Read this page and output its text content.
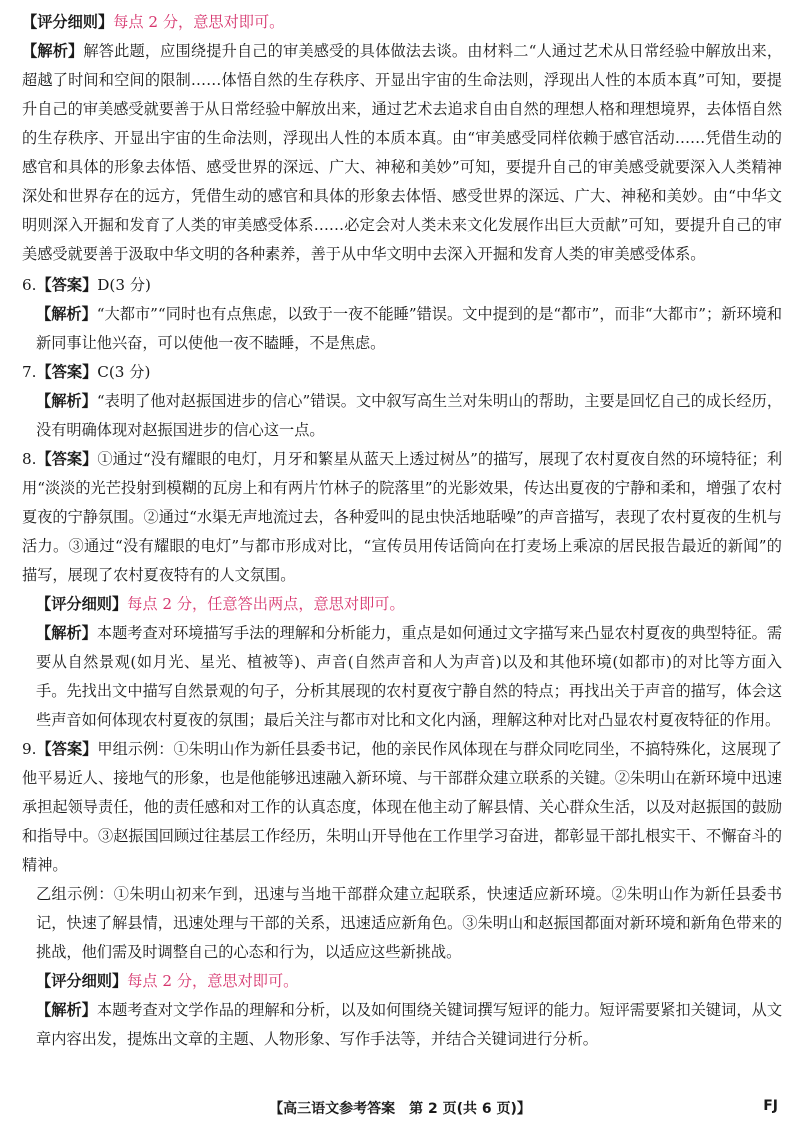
【评分细则】每点 2 分，意思对即可。

【解析】解答此题，应围绕提升自己的审美感受的具体做法去谈。由材料二“人通过艺术从日常经验中解放出来，超越了时间和空间的限制……体悟自然的生存秩序、开显出宇宙的生命法则，浮现出人性的本质本真”可知，要提升自己的审美感受就要善于从日常经验中解放出来，通过艺术去追求自由自然的理想人格和理想境界，去体悟自然的生存秩序、开显出宇宙的生命法则，浮现出人性的本质本真。由“审美感受同样依赖于感官活动……凭借生动的感官和具体的形象去体悟、感受世界的深远、广大、神秘和美妙”可知，要提升自己的审美感受就要深入人类精神深处和世界存在的远方，凭借生动的感官和具体的形象去体悟、感受世界的深远、广大、神秘和美妙。由“中华文明则深入开掘和发育了人类的审美感受体系……必定会对人类未来文化发展作出巨大贡献”可知，要提升自己的审美感受就要善于汲取中华文明的各种素养，善于从中华文明中去深入开掘和发育人类的审美感受体系。

6.【答案】D(3 分)

【解析】“大都市”“同时也有点焦虑，以致于一夜不能睡”错误。文中提到的是“都市”，而非“大都市”；新环境和新同事让他兴奋，可以使他一夜不瞌睡，不是焦虑。

7.【答案】C(3 分)

【解析】“表明了他对赵振国进步的信心”错误。文中叙写高生兰对朱明山的帮助，主要是回忆自己的成长经历，没有明确体现对赵振国进步的信心这一点。

8.【答案】①通过“没有耀眼的电灯，月牙和繁星从蓝天上透过树丛”的描写，展现了农村夏夜自然的环境特征；利用“淡淡的光芒投射到模糊的瓦房上和有两片竹林子的院落里”的光影效果，传达出夏夜的宁静和柔和，增强了农村夏夜的宁静氛围。②通过“水渠无声地流过去，各种爱叫的昆虫快活地聒噪”的声音描写，表现了农村夏夜的生机与活力。③通过“没有耀眼的电灯”与都市形成对比，“宣传员用传话筒向在打麦场上乘凉的居民报告最近的新闻”的描写，展现了农村夏夜特有的人文氛围。

【评分细则】每点 2 分，任意答出两点，意思对即可。

【解析】本题考查对环境描写手法的理解和分析能力，重点是如何通过文字描写来凸显农村夏夜的典型特征。需要从自然景观(如月光、星光、植被等)、声音(自然声音和人为声音)以及和其他环境(如都市)的对比等方面入手。先找出文中描写自然景观的句子，分析其展现的农村夏夜宁静自然的特点；再找出关于声音的描写，体会这些声音如何体现农村夏夜的氛围；最后关注与都市对比和文化内涵，理解这种对比对凸显农村夏夜特征的作用。

9.【答案】甲组示例：①朱明山作为新任县委书记，他的亲民作风体现在与群众同吃同坐，不搞特殊化，这展现了他平易近人、接地气的形象，也是他能够迅速融入新环境、与干部群众建立联系的关键。②朱明山在新环境中迅速承担起领导责任，他的责任感和对工作的认真态度，体现在他主动了解县情、关心群众生活，以及对赵振国的鼓励和指导中。③赵振国回顾过往基层工作经历，朱明山开导他在工作里学习奋进，都彰显干部扎根实干、不懈奋斗的精神。

乙组示例：①朱明山初来乍到，迅速与当地干部群众建立起联系，快速适应新环境。②朱明山作为新任县委书记，快速了解县情，迅速处理与干部的关系，迅速适应新角色。③朱明山和赵振国都面对新环境和新角色带来的挑战，他们需及时调整自己的心态和行为，以适应这些新挑战。

【评分细则】每点 2 分，意思对即可。

【解析】本题考查对文学作品的理解和分析，以及如何围绕关键词撰写短评的能力。短评需要紧扣关键词，从文章内容出发，提炼出文章的主题、人物形象、写作手法等，并结合关键词进行分析。

【高三语文参考答案　第 2 页(共 6 页)】	FJ
